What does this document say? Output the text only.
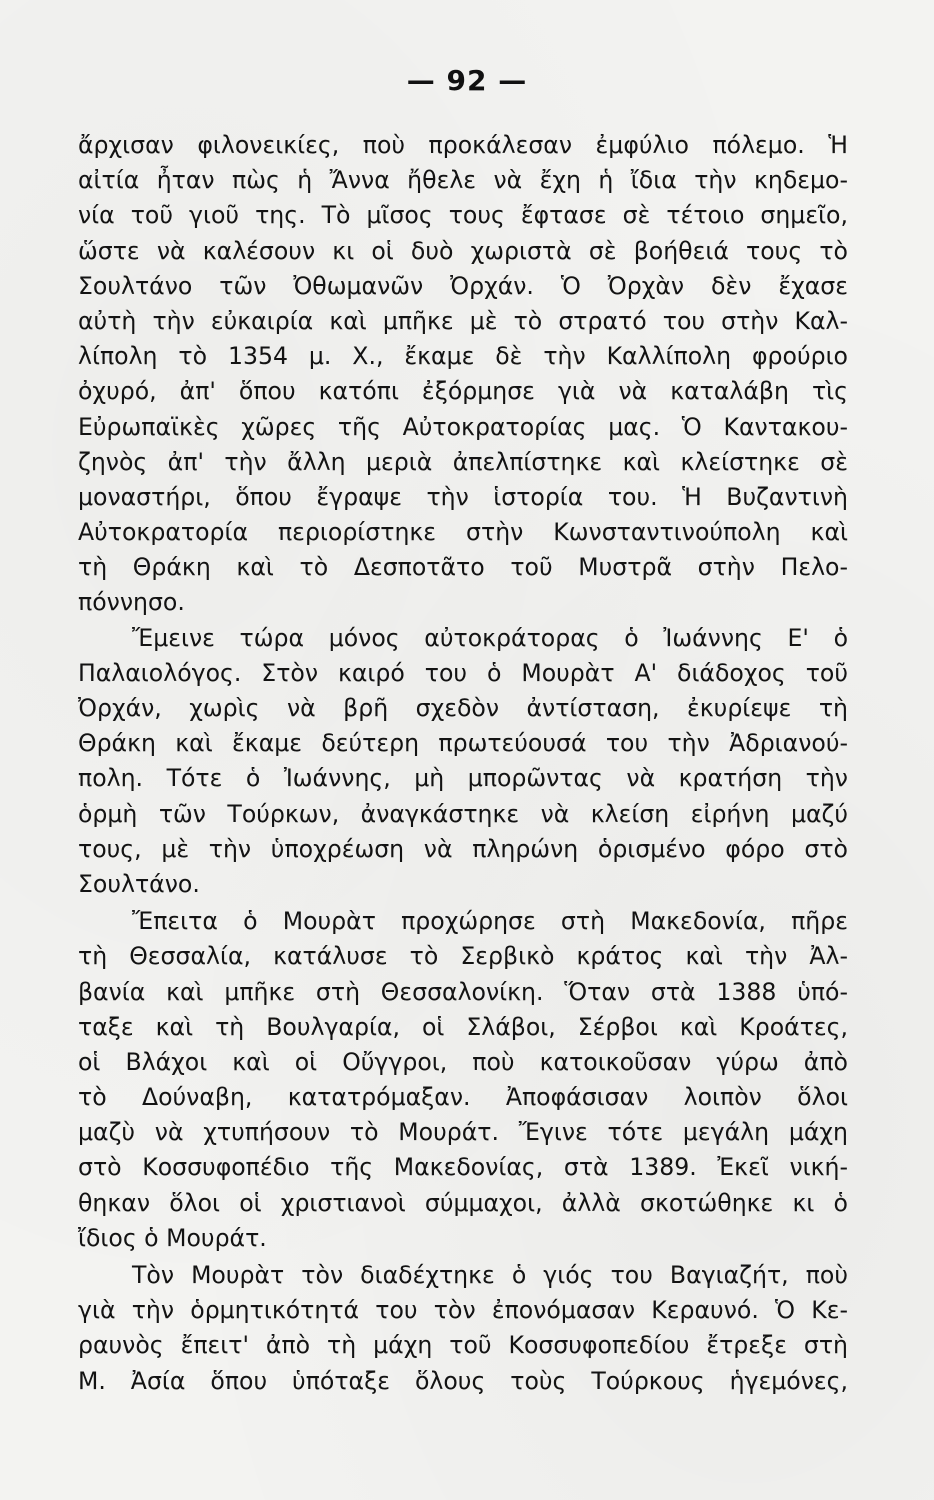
— 92 —
ἄρχισαν φιλονεικίες, ποὺ προκάλεσαν ἐμφύλιο πόλεμο. Ἡ
αἰτία ἦταν πὼς ἡ Ἄννα ἤθελε νὰ ἔχη ἡ ἴδια τὴν κηδεμο-
νία τοῦ γιοῦ της. Τὸ μῖσος τους ἔφτασε σὲ τέτοιο σημεῖο,
ὥστε νὰ καλέσουν κι οἱ δυὸ χωριστὰ σὲ βοήθειά τους τὸ
Σουλτάνο τῶν Ὀθωμανῶν Ὀρχάν. Ὁ Ὀρχὰν δὲν ἔχασε
αὐτὴ τὴν εὐκαιρία καὶ μπῆκε μὲ τὸ στρατό του στὴν Καλ-
λίπολη τὸ 1354 μ. Χ., ἔκαμε δὲ τὴν Καλλίπολη φρούριο
ὀχυρό, ἀπ' ὅπου κατόπι ἐξόρμησε γιὰ νὰ καταλάβη τὶς
Εὐρωπαϊκὲς χῶρες τῆς Αὐτοκρατορίας μας. Ὁ Καντακου-
ζηνὸς ἀπ' τὴν ἄλλη μεριὰ ἀπελπίστηκε καὶ κλείστηκε σὲ
μοναστήρι, ὅπου ἔγραψε τὴν ἱστορία του. Ἡ Βυζαντινὴ
Αὐτοκρατορία περιορίστηκε στὴν Κωνσταντινούπολη καὶ
τὴ Θράκη καὶ τὸ Δεσποτᾶτο τοῦ Μυστρᾶ στὴν Πελο-
πόννησο.
Ἔμεινε τώρα μόνος αὐτοκράτορας ὁ Ἰωάννης Ε' ὁ
Παλαιολόγος. Στὸν καιρό του ὁ Μουρὰτ Α' διάδοχος τοῦ
Ὀρχάν, χωρὶς νὰ βρῆ σχεδὸν ἀντίσταση, ἐκυρίεψε τὴ
Θράκη καὶ ἔκαμε δεύτερη πρωτεύουσά του τὴν Ἀδριανού-
πολη. Τότε ὁ Ἰωάννης, μὴ μπορῶντας νὰ κρατήση τὴν
ὁρμὴ τῶν Τούρκων, ἀναγκάστηκε νὰ κλείση εἰρήνη μαζύ
τους, μὲ τὴν ὑποχρέωση νὰ πληρώνη ὁρισμένο φόρο στὸ
Σουλτάνο.
Ἔπειτα ὁ Μουρὰτ προχώρησε στὴ Μακεδονία, πῆρε
τὴ Θεσσαλία, κατάλυσε τὸ Σερβικὸ κράτος καὶ τὴν Ἀλ-
βανία καὶ μπῆκε στὴ Θεσσαλονίκη. Ὅταν στὰ 1388 ὑπό-
ταξε καὶ τὴ Βουλγαρία, οἱ Σλάβοι, Σέρβοι καὶ Κροάτες,
οἱ Βλάχοι καὶ οἱ Οὔγγροι, ποὺ κατοικοῦσαν γύρω ἀπὸ
τὸ Δούναβη, κατατρόμαξαν. Ἀποφάσισαν λοιπὸν ὅλοι
μαζὺ νὰ χτυπήσουν τὸ Μουράτ. Ἔγινε τότε μεγάλη μάχη
στὸ Κοσσυφοπέδιο τῆς Μακεδονίας, στὰ 1389. Ἐκεῖ νική-
θηκαν ὅλοι οἱ χριστιανοὶ σύμμαχοι, ἀλλὰ σκοτώθηκε κι ὁ
ἴδιος ὁ Μουράτ.
Τὸν Μουρὰτ τὸν διαδέχτηκε ὁ γιός του Βαγιαζήτ, ποὺ
γιὰ τὴν ὁρμητικότητά του τὸν ἐπονόμασαν Κεραυνό. Ὁ Κε-
ραυνὸς ἔπειτ' ἀπὸ τὴ μάχη τοῦ Κοσσυφοπεδίου ἔτρεξε στὴ
Μ. Ἀσία ὅπου ὑπόταξε ὅλους τοὺς Τούρκους ἡγεμόνες,
